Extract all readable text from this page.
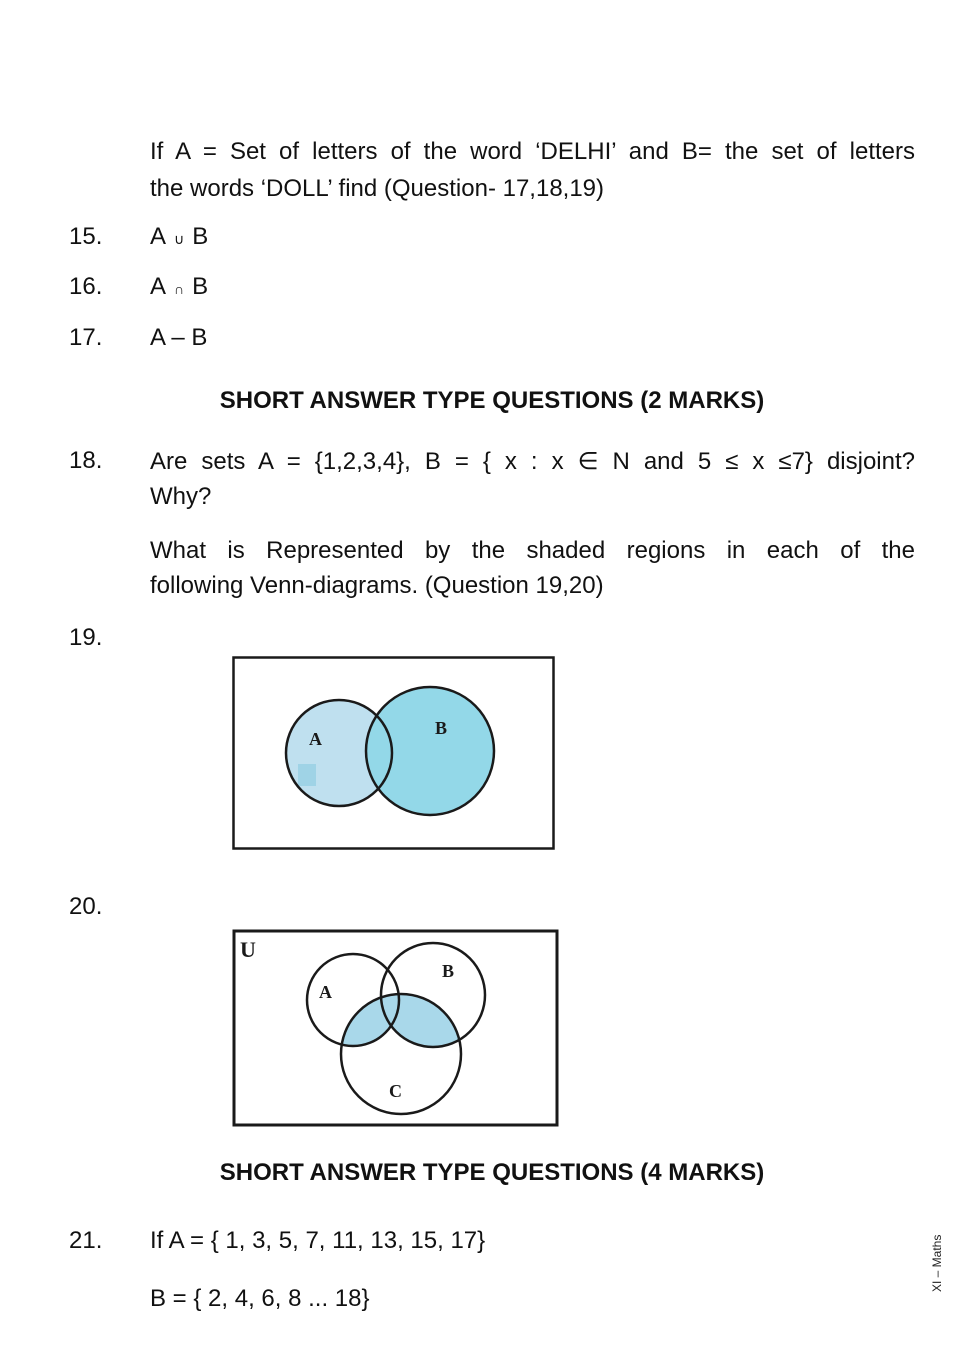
If A = Set of letters of the word ‘DELHI’ and B= the set of letters
the words ‘DOLL’ find (Question- 17,18,19)
15. A ∪ B
16. A ∩ B
17. A – B
SHORT ANSWER TYPE QUESTIONS (2 MARKS)
18. Are sets A = {1,2,3,4}, B = { x : x ∈ N and 5 ≤ x ≤7} disjoint?
Why?
What is Represented by the shaded regions in each of the
following Venn-diagrams. (Question 19,20)
19.
A
B
20.
U
A
B
C
SHORT ANSWER TYPE QUESTIONS (4 MARKS)
21. If A = { 1, 3, 5, 7, 11, 13, 15, 17}
B = { 2, 4, 6, 8 ... 18}
XI – Maths
